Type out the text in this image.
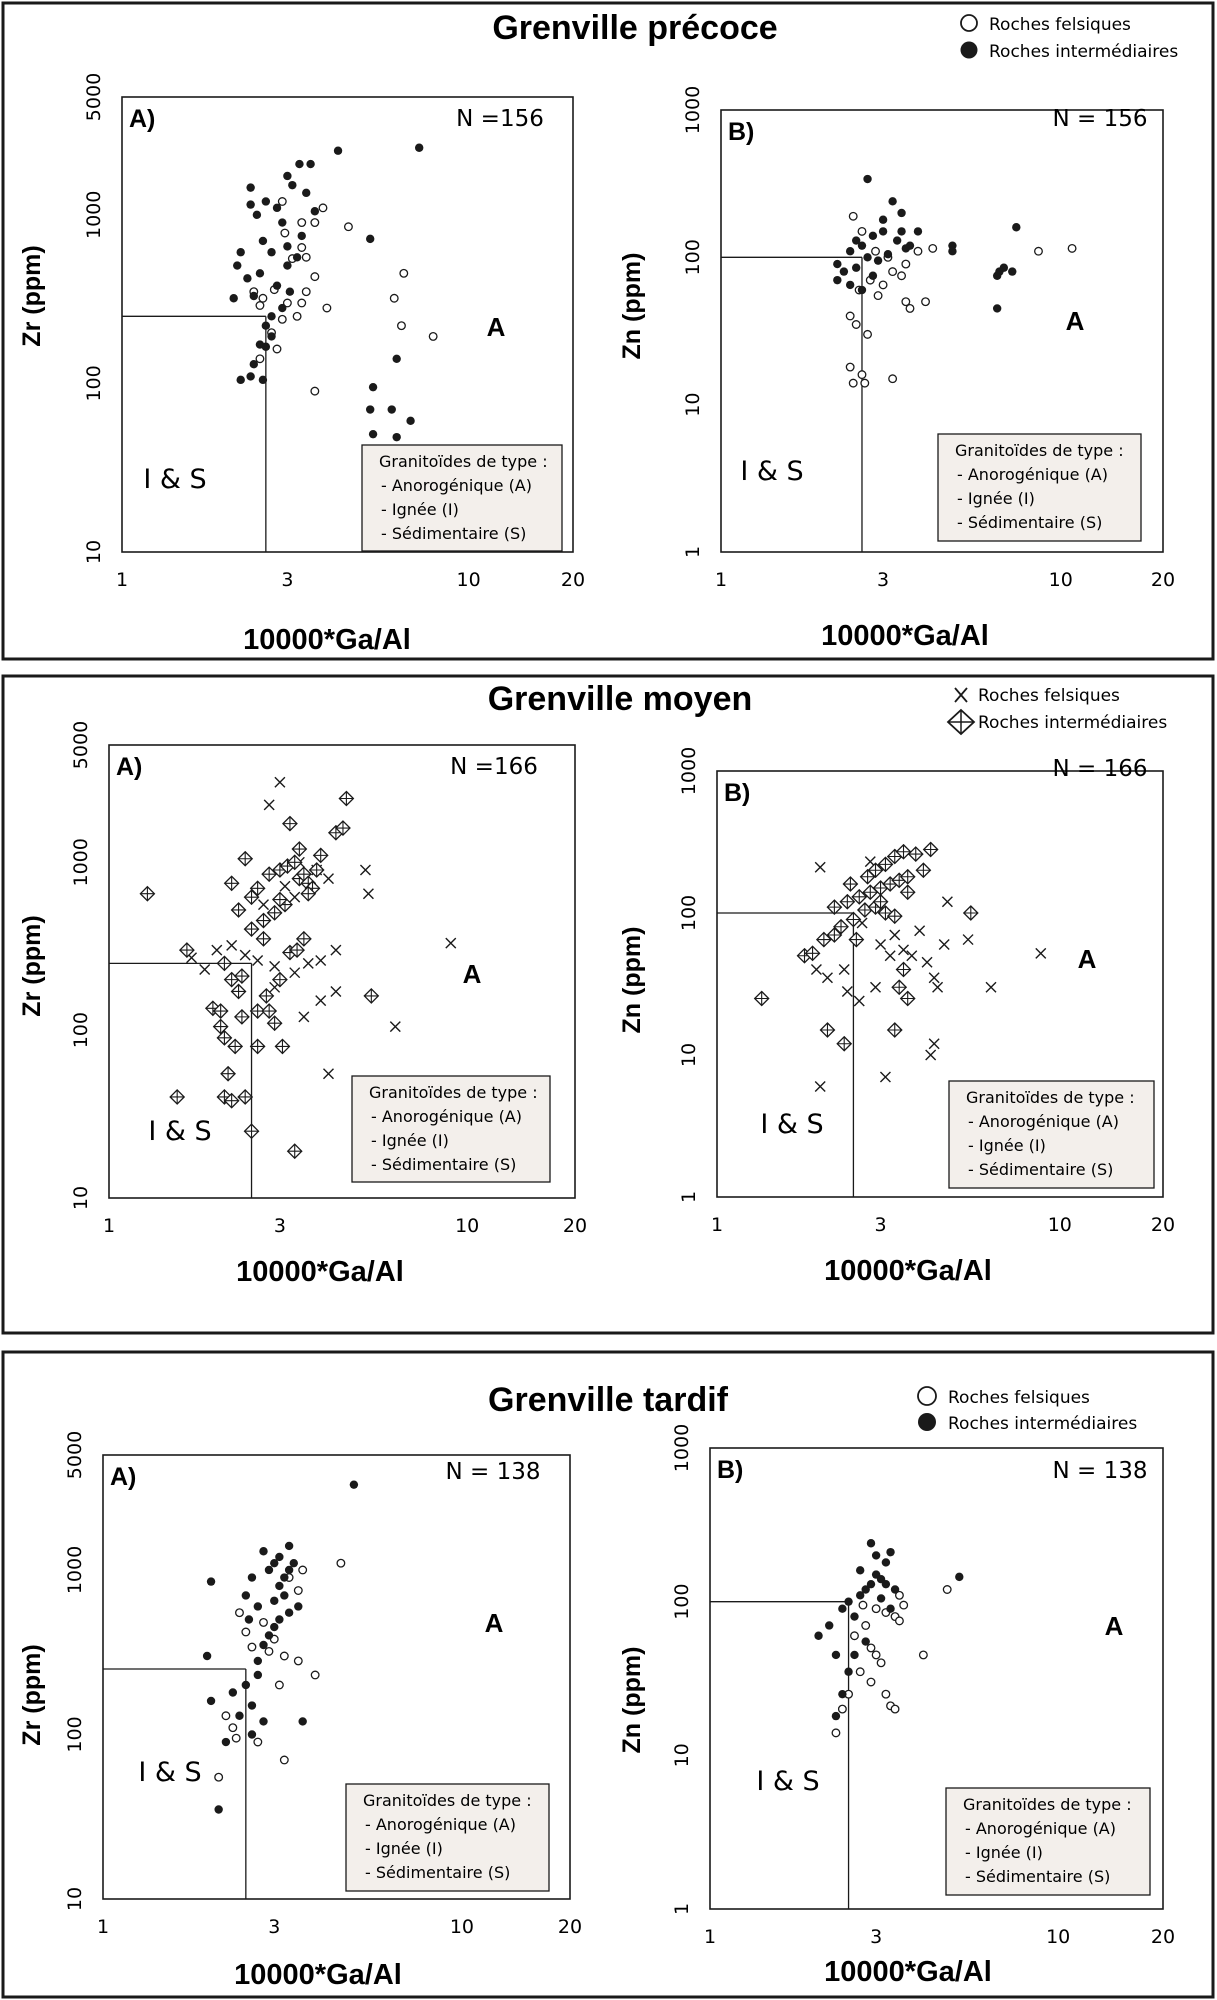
Grenville précoce
Grenville moyen
Grenville tardif
Roches felsiques
Roches intermédiaires
Roches felsiques
Roches intermédiaires
Roches felsiques
Roches intermédiaires
1	3	10	20
10
100
1000
5000
10000*Ga/Al
Zr (ppm)
A)	N =156
A
I & S
Granitoïdes de type :
- Anorogénique (A)
- Ignée (I)
- Sédimentaire (S)
1	3	10	20
1
10
100
1000
10000*Ga/Al
Zn (ppm)
B)	N = 156
A
I & S
Granitoïdes de type :
- Anorogénique (A)
- Ignée (I)
- Sédimentaire (S)
1	3	10	20
10
100
1000
5000
10000*Ga/Al
Zr (ppm)
A)	N =166
A
I & S
Granitoïdes de type :
- Anorogénique (A)
- Ignée (I)
- Sédimentaire (S)
1	3	10	20
1
10
100
1000
10000*Ga/Al
Zn (ppm)
B)
N = 166
A
I & S
Granitoïdes de type :
- Anorogénique (A)
- Ignée (I)
- Sédimentaire (S)
1	3	10	20
10
100
1000
5000
10000*Ga/Al
Zr (ppm)
A)	N = 138
A
I & S
Granitoïdes de type :
- Anorogénique (A)
- Ignée (I)
- Sédimentaire (S)
1	3	10	20
1
10
100
1000
10000*Ga/Al
Zn (ppm)
B)	N = 138
A
I & S
Granitoïdes de type :
- Anorogénique (A)
- Ignée (I)
- Sédimentaire (S)
